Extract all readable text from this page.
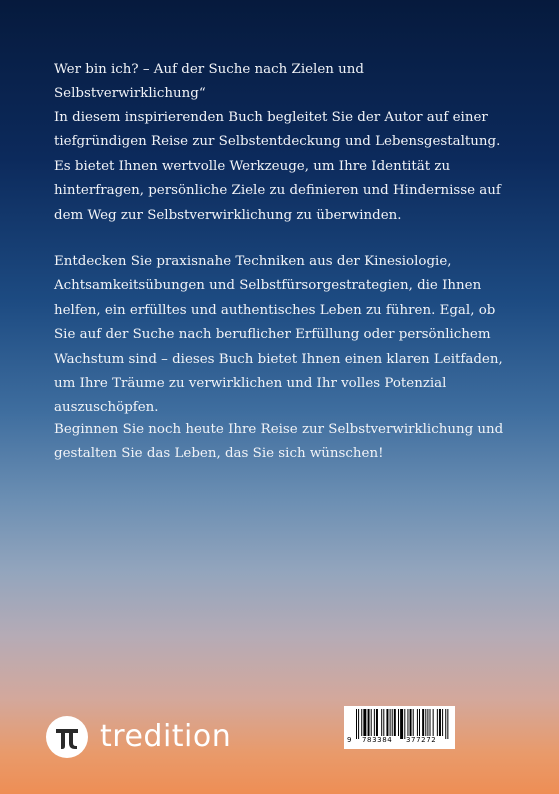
Wer bin ich? – Auf der Suche nach Zielen und Selbstverwirklichung“

In diesem inspirierenden Buch begleitet Sie der Autor auf einer tiefgründigen Reise zur Selbstentdeckung und Lebensgestaltung. Es bietet Ihnen wertvolle Werkzeuge, um Ihre Identität zu hinterfragen, persönliche Ziele zu definieren und Hindernisse auf dem Weg zur Selbstverwirklichung zu überwinden.

Entdecken Sie praxisnahe Techniken aus der Kinesiologie, Achtsamkeitsübungen und Selbstfürsorgestrategien, die Ihnen helfen, ein erfülltes und authentisches Leben zu führen. Egal, ob Sie auf der Suche nach beruflicher Erfüllung oder persönlichem Wachstum sind – dieses Buch bietet Ihnen einen klaren Leitfaden, um Ihre Träume zu verwirklichen und Ihr volles Potenzial auszuschöpfen.

Beginnen Sie noch heute Ihre Reise zur Selbstverwirklichung und gestalten Sie das Leben, das Sie sich wünschen!

tredition	9 783384 377272
